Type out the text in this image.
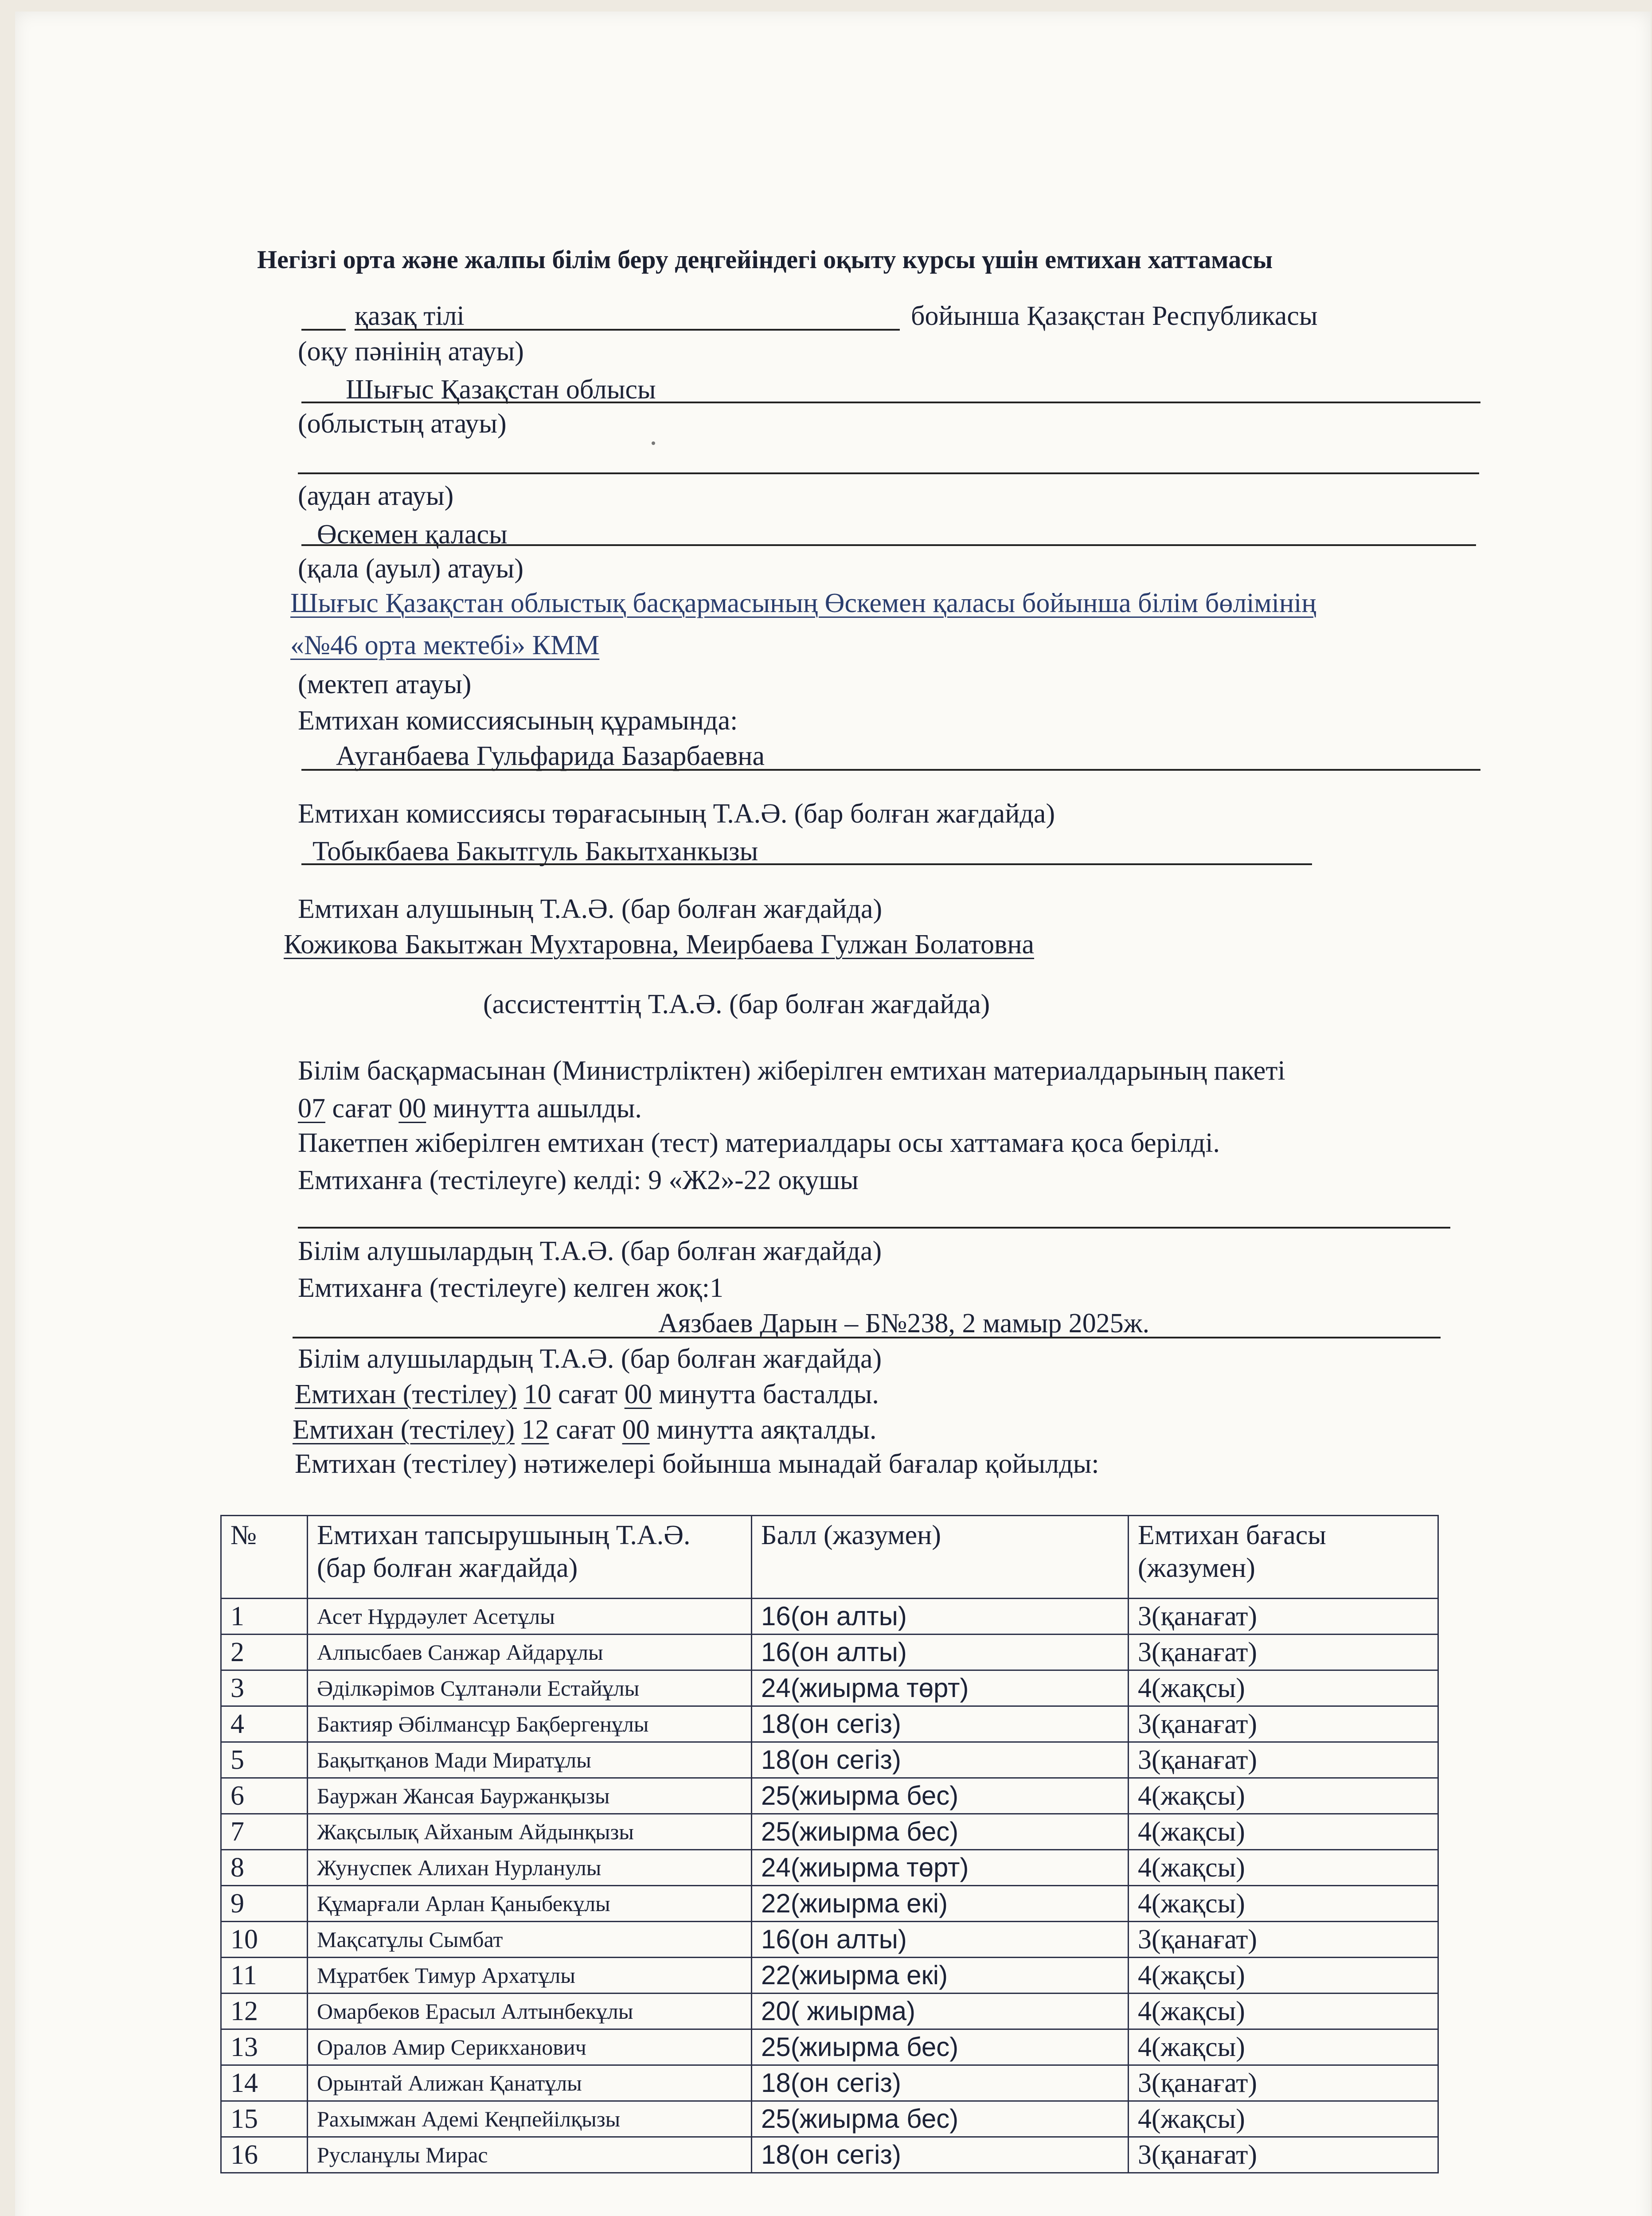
Негізгі орта және жалпы білім беру деңгейіндегі оқыту курсы үшін емтихан хаттамасы
қазақ тілі	бойынша Қазақстан Республикасы
(оқу пәнінің атауы)
Шығыс Қазақстан облысы
(облыстың атауы)
(аудан атауы)
Өскемен қаласы
(қала (ауыл) атауы)
Шығыс Қазақстан облыстық басқармасының Өскемен қаласы бойынша білім бөлімінің
«№46 орта мектебі» КММ
(мектеп атауы)
Емтихан комиссиясының құрамында:
Ауганбаева Гульфарида Базарбаевна
Емтихан комиссиясы төрағасының Т.А.Ә. (бар болған жағдайда)
Тобыкбаева Бакытгуль Бакытханкызы
Емтихан алушының Т.А.Ә. (бар болған жағдайда)
Кожикова Бакытжан Мухтаровна, Меирбаева Гулжан Болатовна
(ассистенттің Т.А.Ә. (бар болған жағдайда)
Білім басқармасынан (Министрліктен) жіберілген емтихан материалдарының пакеті
07 сағат 00 минутта ашылды.
Пакетпен жіберілген емтихан (тест) материалдары осы хаттамаға қоса берілді.
Емтиханға (тестілеуге) келді: 9 «Ж2»-22 оқушы
Білім алушылардың Т.А.Ә. (бар болған жағдайда)
Емтиханға (тестілеуге) келген жоқ:1
Аязбаев Дарын – Б№238, 2 мамыр 2025ж.
Білім алушылардың Т.А.Ә. (бар болған жағдайда)
Емтихан (тестілеу) 10 сағат 00 минутта басталды.
Емтихан (тестілеу) 12 сағат 00 минутта аяқталды.
Емтихан (тестілеу) нәтижелері бойынша мынадай бағалар қойылды:
№	Емтихан тапсырушының Т.А.Ә. (бар болған жағдайда)	Балл (жазумен)	Емтихан бағасы (жазумен)
1	Асет Нұрдәулет Асетұлы	16(он алты)	3(қанағат)
2	Алпысбаев Санжар Айдарұлы	16(он алты)	3(қанағат)
3	Әділкәрімов Сұлтанәли Естайұлы	24(жиырма төрт)	4(жақсы)
4	Бактияр Әбілмансұр Бақбергенұлы	18(он сегіз)	3(қанағат)
5	Бақытқанов Мади Миратұлы	18(он сегіз)	3(қанағат)
6	Бауржан Жансая Бауржанқызы	25(жиырма бес)	4(жақсы)
7	Жақсылық Айханым Айдынқызы	25(жиырма бес)	4(жақсы)
8	Жунуспек Алихан Нурланулы	24(жиырма төрт)	4(жақсы)
9	Құмарғали Арлан Қаныбекұлы	22(жиырма екі)	4(жақсы)
10	Мақсатұлы Сымбат	16(он алты)	3(қанағат)
11	Мұратбек Тимур Архатұлы	22(жиырма екі)	4(жақсы)
12	Омарбеков Ерасыл Алтынбекұлы	20( жиырма)	4(жақсы)
13	Оралов Амир Серикханович	25(жиырма бес)	4(жақсы)
14	Орынтай Алижан Қанатұлы	18(он сегіз)	3(қанағат)
15	Рахымжан Адемі Кеңпейілқызы	25(жиырма бес)	4(жақсы)
16	Русланұлы Мирас	18(он сегіз)	3(қанағат)
